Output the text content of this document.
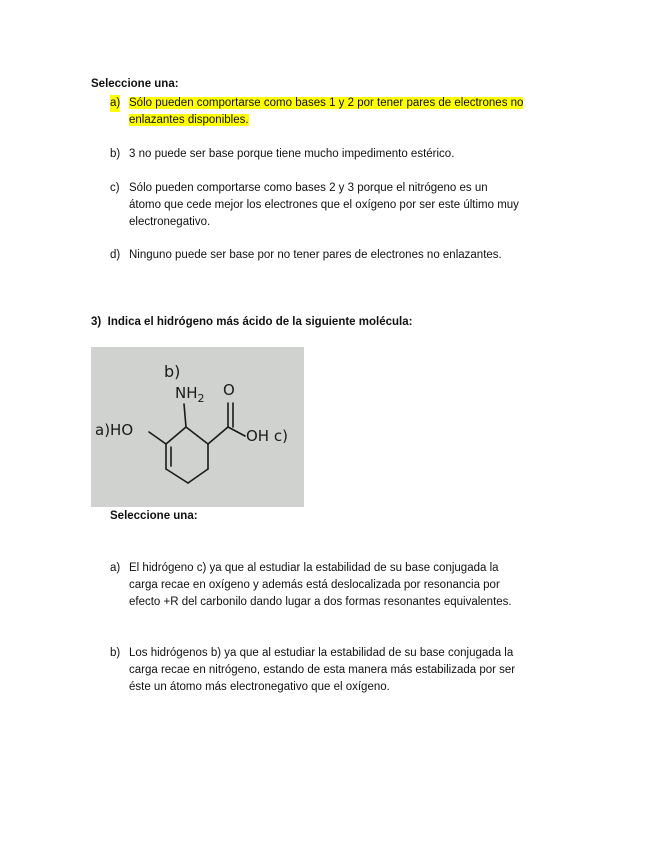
Seleccione una:
a) Sólo pueden comportarse como bases 1 y 2 por tener pares de electrones no
enlazantes disponibles.
b) 3 no puede ser base porque tiene mucho impedimento estérico.
c) Sólo pueden comportarse como bases 2 y 3 porque el nitrógeno es un
átomo que cede mejor los electrones que el oxígeno por ser este último muy
electronegativo.
d) Ninguno puede ser base por no tener pares de electrones no enlazantes.
3) Indica el hidrógeno más ácido de la siguiente molécula:
b)
$NH_2$ O
a)HO	OH c)
Seleccione una:
a) El hidrógeno c) ya que al estudiar la estabilidad de su base conjugada la
carga recae en oxígeno y además está deslocalizada por resonancia por
efecto +R del carbonilo dando lugar a dos formas resonantes equivalentes.
b) Los hidrógenos b) ya que al estudiar la estabilidad de su base conjugada la
carga recae en nitrógeno, estando de esta manera más estabilizada por ser
éste un átomo más electronegativo que el oxígeno.
